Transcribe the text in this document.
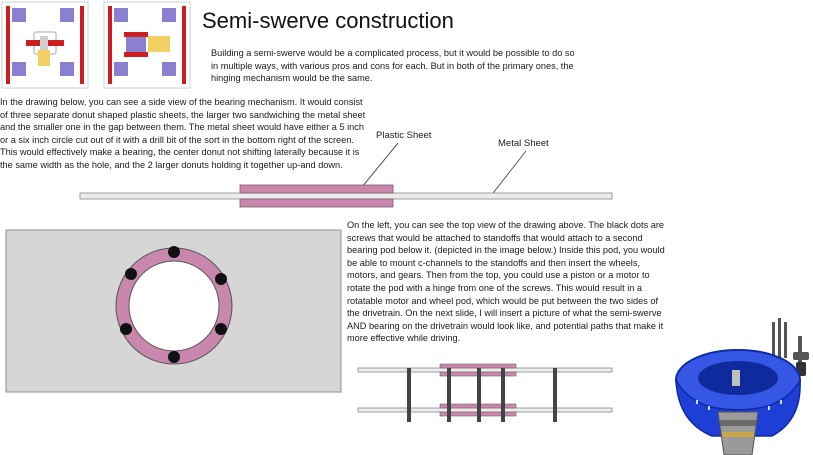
Semi-swerve construction
Building a semi-swerve would be a complicated process, but it would be possible to do so in multiple ways, with various pros and cons for each. But in both of the primary ones, the hinging mechanism would be the same.
In the drawing below, you can see a side view of the bearing mechanism. It would consist of three separate donut shaped plastic sheets, the larger two sandwiching the metal sheet and the smaller one in the gap between them. The metal sheet would have either a 5 inch or a six inch circle cut out of it with a drill bit of the sort in the bottom right of the screen. This would effectively make a bearing, the center donut not shifting laterally because it is the same width as the hole, and the 2 larger donuts holding it together up-and down.
Plastic Sheet
Metal Sheet
On the left, you can see the top view of the drawing above. The black dots are screws that would be attached to standoffs that would attach to a second bearing pod below it. (depicted in the image below.) Inside this pod, you would be able to mount c-channels to the standoffs and then insert the wheels, motors, and gears. Then from the top, you could use a piston or a motor to rotate the pod with a hinge from one of the screws. This would result in a rotatable motor and wheel pod, which would be put between the two sides of the drivetrain. On the next slide, I will insert a picture of what the semi-swerve AND bearing on the drivetrain would look like, and potential paths that make it more effective while driving.
